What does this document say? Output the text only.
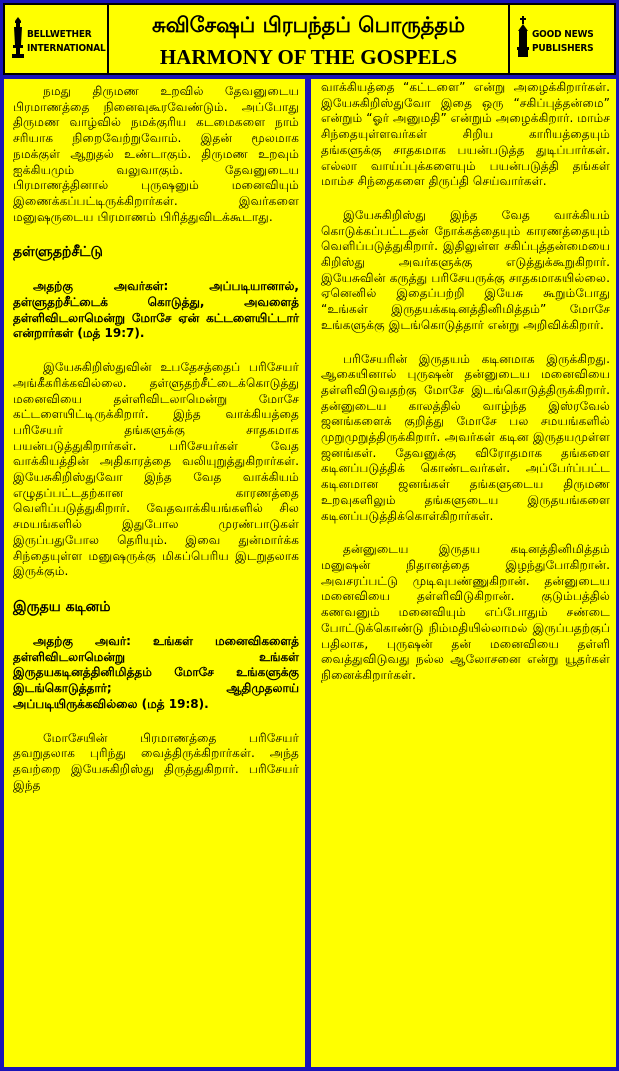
BELLWETHER
INTERNATIONAL
சுவிசேஷப் பிரபந்தப் பொருத்தம்
HARMONY OF THE GOSPELS
GOOD NEWS
PUBLISHERS

நமது திருமண உறவில் தேவனுடைய பிரமாணத்தை நினைவுகூரவேண்டும். அப்போது திருமண வாழ்வில் நமக்குரிய கடமைகளை நாம் சரியாக நிறைவேற்றுவோம். இதன் மூலமாக நமக்குள் ஆறுதல் உண்டாகும். திருமண உறவும் ஐக்கியமும் வலுவாகும். தேவனுடைய பிரமாணத்தினால் புருஷனும் மனைவியும் இணைக்கப்பட்டிருக்கிறார்கள். இவர்களை மனுஷருடைய பிரமாணம் பிரித்துவிடக்கூடாது.

தள்ளுதற்சீட்டு

அதற்கு அவர்கள்: அப்படியானால், தள்ளுதற்சீட்டைக் கொடுத்து, அவளைத் தள்ளிவிடலாமென்று மோசே ஏன் கட்டளையிட்டார் என்றார்கள் (மத் 19:7).

இயேசுகிறிஸ்துவின் உபதேசத்தைப் பரிசேயர் அங்கீகரிக்கவில்லை. தள்ளுதற்சீட்டைக்கொடுத்து மனைவியை தள்ளிவிடலாமென்று மோசே கட்டளையிட்டிருக்கிறார். இந்த வாக்கியத்தை பரிசேயர் தங்களுக்கு சாதகமாக பயன்படுத்துகிறார்கள். பரிசேயர்கள் வேத வாக்கியத்தின் அதிகாரத்தை வலியுறுத்துகிறார்கள். இயேசுகிறிஸ்துவோ இந்த வேத வாக்கியம் எழுதப்பட்டதற்கான காரணத்தை வெளிப்படுத்துகிறார். வேதவாக்கியங்களில் சில சமயங்களில் இதுபோல முரண்பாடுகள் இருப்பதுபோல தெரியும். இவை துன்மார்க்க சிந்தையுள்ள மனுஷருக்கு மிகப்பெரிய இடறுதலாக இருக்கும்.

இருதய கடினம்

அதற்கு அவர்: உங்கள் மனைவிகளைத் தள்ளிவிடலாமென்று உங்கள் இருதயகடினத்தினிமித்தம் மோசே உங்களுக்கு இடங்கொடுத்தார்; ஆதிமுதலாய் அப்படியிருக்கவில்லை (மத் 19:8).

மோசேயின் பிரமாணத்தை பரிசேயர் தவறுதலாக புரிந்து வைத்திருக்கிறார்கள். அந்த தவற்றை இயேசுகிறிஸ்து திருத்துகிறார். பரிசேயர் இந்த

வாக்கியத்தை “கட்டளை” என்று அழைக்கிறார்கள். இயேசுகிறிஸ்துவோ இதை ஒரு “சகிப்புத்தன்மை” என்றும் “ஓர் அனுமதி” என்றும் அழைக்கிறார். மாம்ச சிந்தையுள்ளவர்கள் சிறிய காரியத்தையும் தங்களுக்கு சாதகமாக பயன்படுத்த துடிப்பார்கள். எல்லா வாய்ப்புக்களையும் பயன்படுத்தி தங்கள் மாம்ச சிந்தைகளை திருப்தி செய்வார்கள்.

இயேசுகிறிஸ்து இந்த வேத வாக்கியம் கொடுக்கப்பட்டதன் நோக்கத்தையும் காரணத்தையும் வெளிப்படுத்துகிறார். இதிலுள்ள சகிப்புத்தன்மையை கிறிஸ்து அவர்களுக்கு எடுத்துக்கூறுகிறார். இயேசுவின் கருத்து பரிசேயருக்கு சாதகமாகயில்லை. ஏனெனில் இதைப்பற்றி இயேசு கூறும்போது “உங்கள் இருதயக்கடினத்தினிமித்தம்” மோசே உங்களுக்கு இடங்கொடுத்தார் என்று அறிவிக்கிறார்.

பரிசேயரின் இருதயம் கடினமாக இருக்கிறது. ஆகையினால் புருஷன் தன்னுடைய மனைவியை தள்ளிவிடுவதற்கு மோசே இடங்கொடுத்திருக்கிறார். தன்னுடைய காலத்தில் வாழ்ந்த இஸ்ரவேல் ஜனங்களைக் குறித்து மோசே பல சமயங்களில் முறுமுறுத்திருக்கிறார். அவர்கள் கடின இருதயமுள்ள ஜனங்கள். தேவனுக்கு விரோதமாக தங்களை கடினப்படுத்திக் கொண்டவர்கள். அப்பேர்ப்பட்ட கடினமான ஜனங்கள் தங்களுடைய திருமண உறவுகளிலும் தங்களுடைய இருதயங்களை கடினப்படுத்திக்கொள்கிறார்கள்.

தன்னுடைய இருதய கடினத்தினிமித்தம் மனுஷன் நிதானத்தை இழந்துபோகிறான். அவசரப்பட்டு முடிவுபண்ணுகிறான். தன்னுடைய மனைவியை தள்ளிவிடுகிறான். குடும்பத்தில் கணவனும் மனைவியும் எப்போதும் சண்டை போட்டுக்கொண்டு நிம்மதியில்லாமல் இருப்பதற்குப் பதிலாக, புருஷன் தன் மனைவியை தள்ளி வைத்துவிடுவது நல்ல ஆலோசனை என்று யூதர்கள் நினைக்கிறார்கள்.
